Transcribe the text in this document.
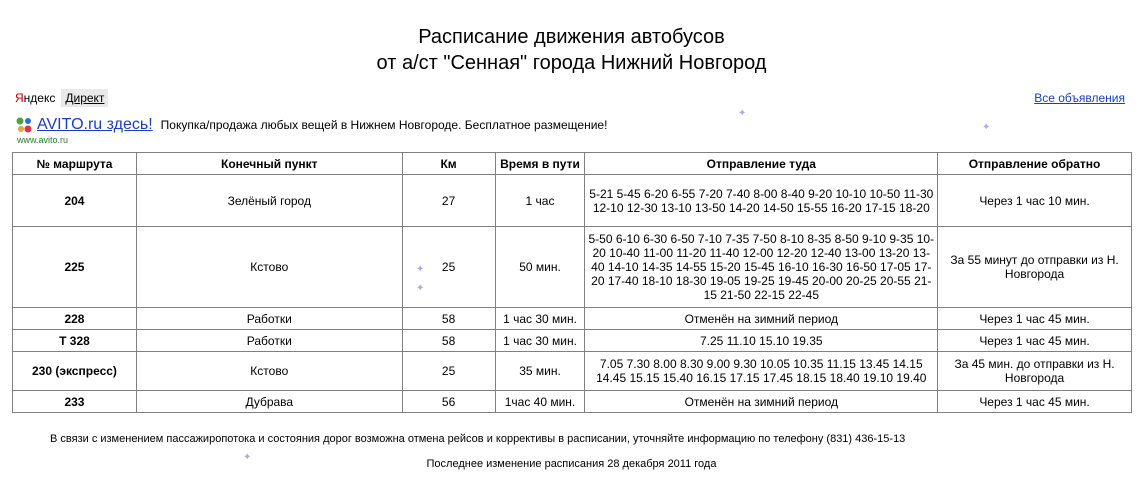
Расписание движения автобусов
от а/ст "Сенная" города Нижний Новгород
Яндекс Директ	Все объявления
AVITO.ru здесь! Покупка/продажа любых вещей в Нижнем Новгороде. Бесплатное размещение!
www.avito.ru
№ маршрута	Конечный пункт	Км	Время в пути	Отправление туда	Отправление обратно
204	Зелёный город	27	1 час	5-21 5-45 6-20 6-55 7-20 7-40 8-00 8-40 9-20 10-10 10-50 11-30 12-10 12-30 13-10 13-50 14-20 14-50 15-55 16-20 17-15 18-20	Через 1 час 10 мин.
225	Кстово	25	50 мин.	5-50 6-10 6-30 6-50 7-10 7-35 7-50 8-10 8-35 8-50 9-10 9-35 10-20 10-40 11-00 11-20 11-40 12-00 12-20 12-40 13-00 13-20 13-40 14-10 14-35 14-55 15-20 15-45 16-10 16-30 16-50 17-05 17-20 17-40 18-10 18-30 19-05 19-25 19-45 20-00 20-25 20-55 21-15 21-50 22-15 22-45	За 55 минут до отправки из Н. Новгорода
228	Работки	58	1 час 30 мин.	Отменён на зимний период	Через 1 час 45 мин.
Т 328	Работки	58	1 час 30 мин.	7.25 11.10 15.10 19.35	Через 1 час 45 мин.
230 (экспресс)	Кстово	25	35 мин.	7.05 7.30 8.00 8.30 9.00 9.30 10.05 10.35 11.15 13.45 14.15 14.45 15.15 15.40 16.15 17.15 17.45 18.15 18.40 19.10 19.40	За 45 мин. до отправки из Н. Новгорода
233	Дубрава	56	1час 40 мин.	Отменён на зимний период	Через 1 час 45 мин.
В связи с изменением пассажиропотока и состояния дорог возможна отмена рейсов и коррективы в расписании, уточняйте информацию по телефону (831) 436-15-13
Последнее изменение расписания 28 декабря 2011 года
✦
✦
✦
✦
✦
